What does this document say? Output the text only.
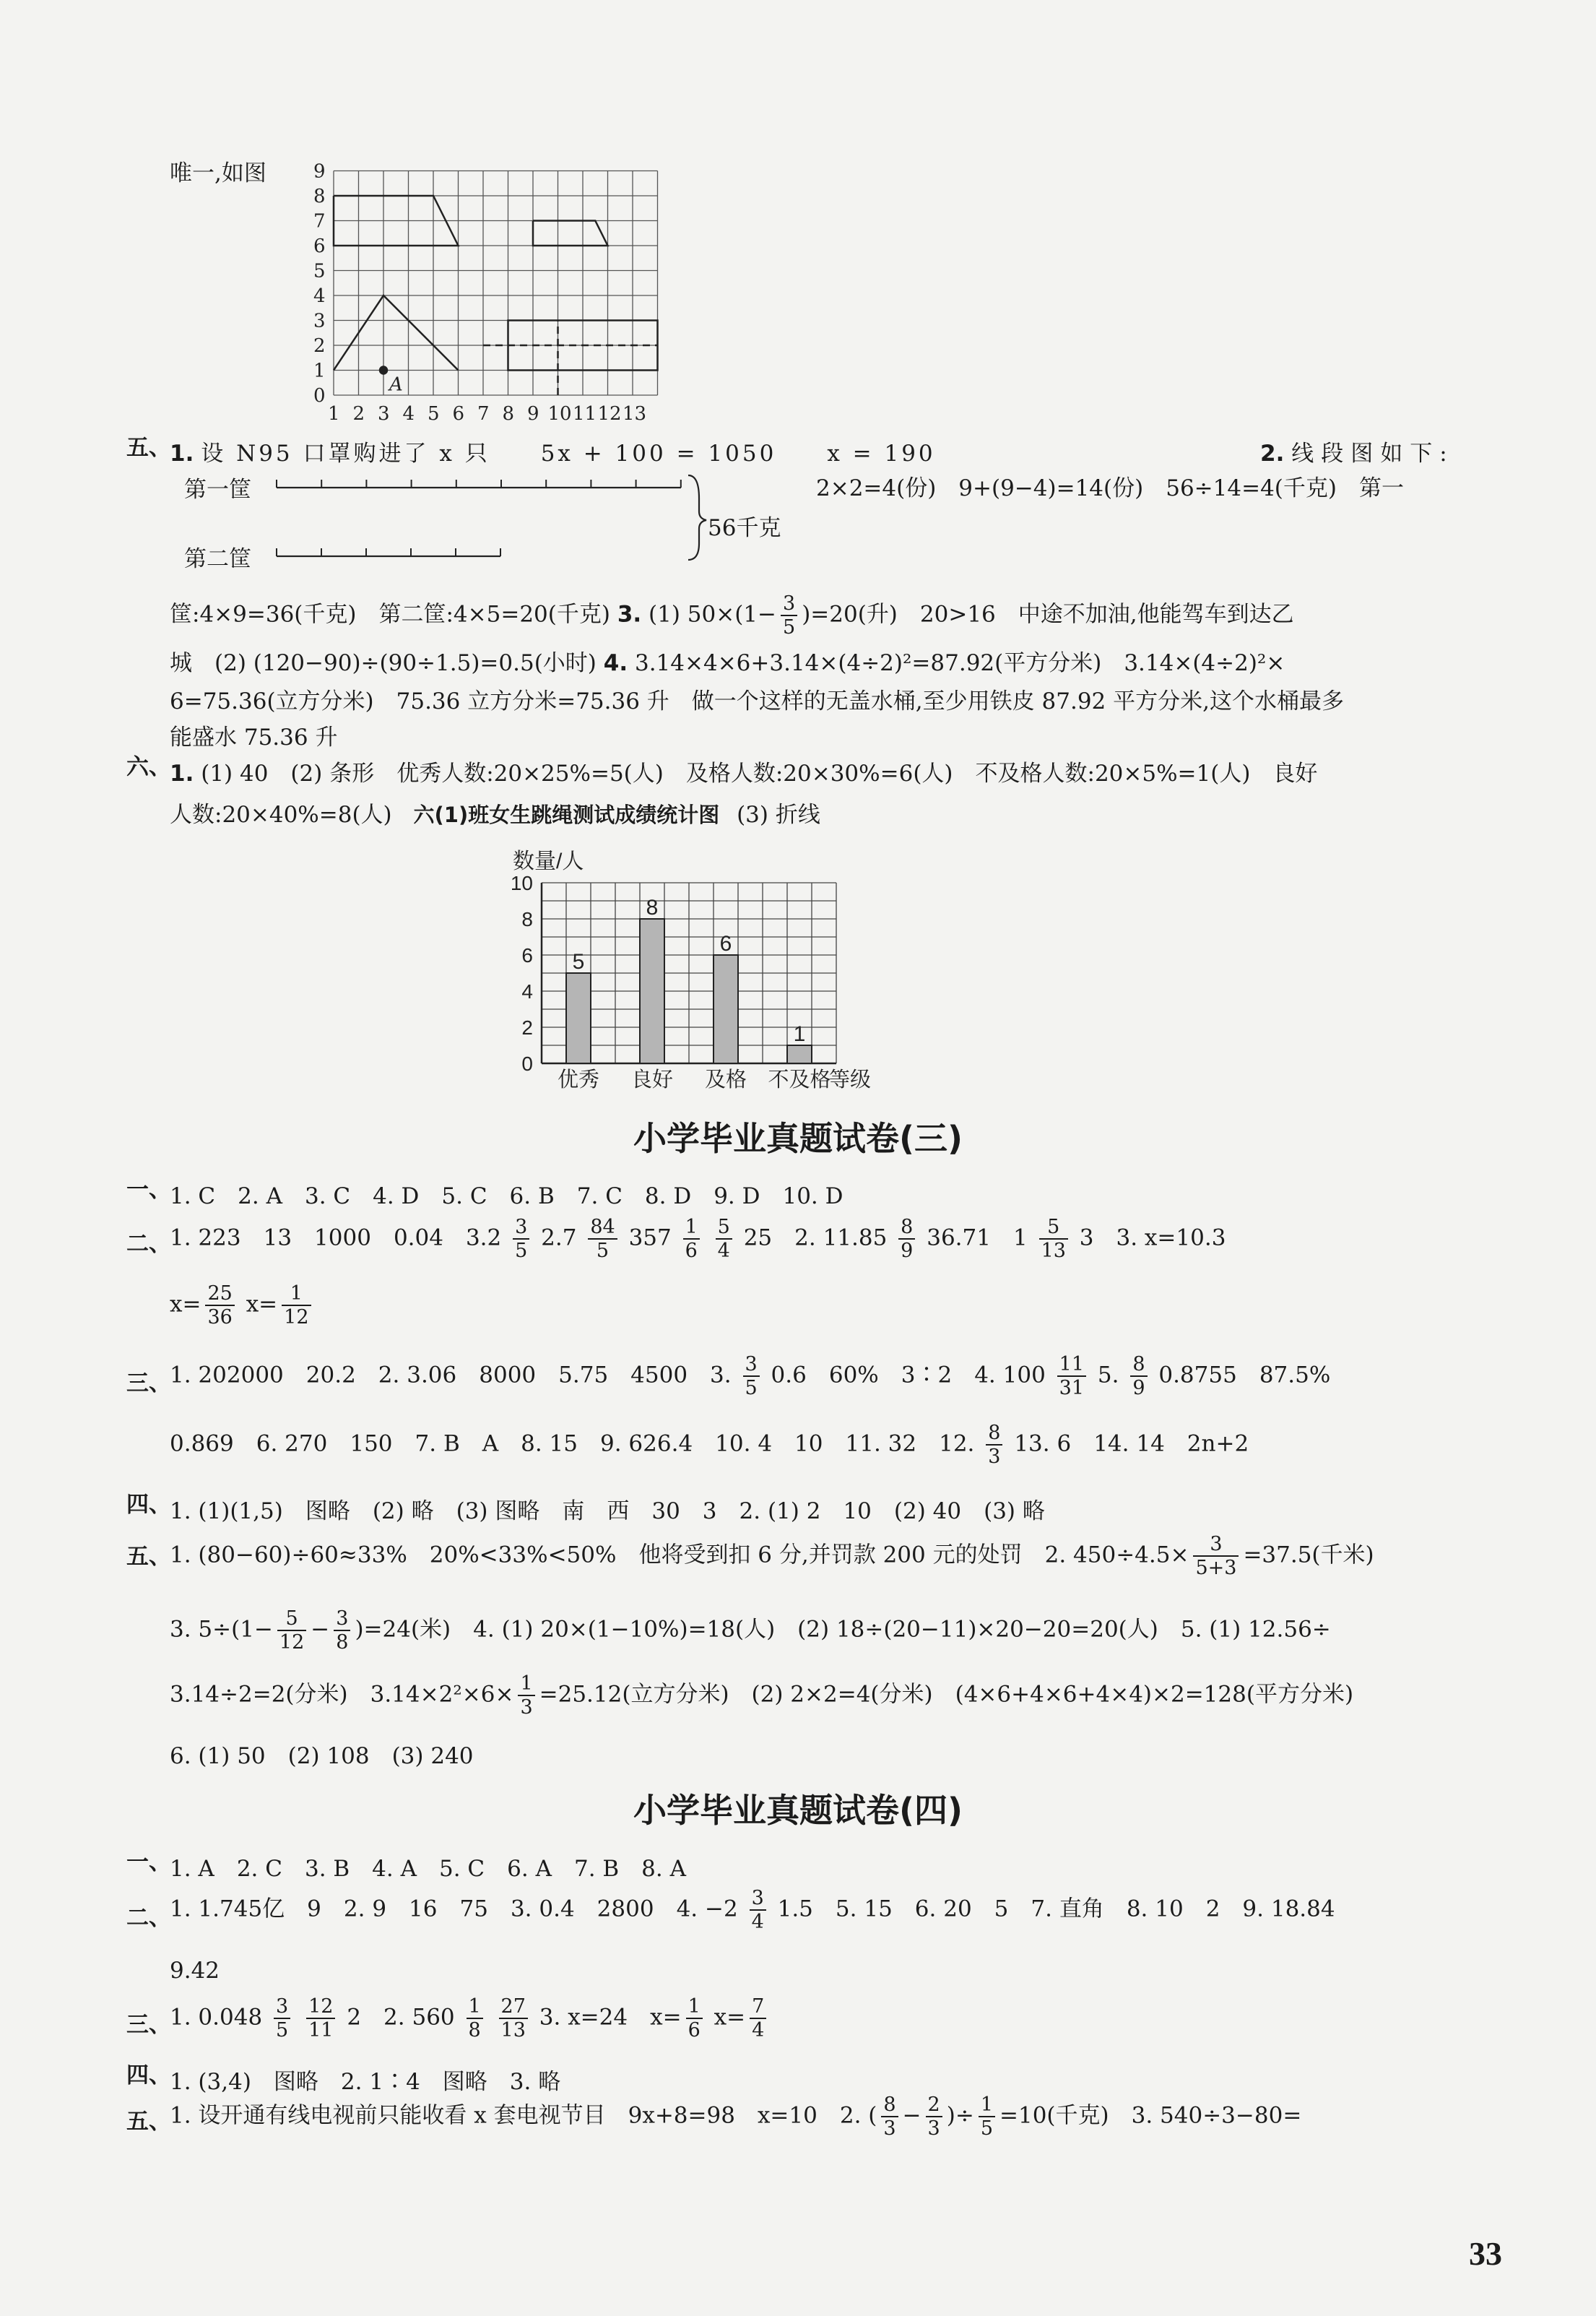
唯一,如图
A
0
1
2
3
4
5
6
7
8
9
1 2 3 4 5 6 7 8 9 10 11 12 13
五、
1. 设 N95 口罩购进了 x 只　　5x + 100 = 1050　　x = 190	2. 线段图如下:
第一筐
第二筐
56千克
2×2=4(份)　9+(9−4)=14(份)　56÷14=4(千克)　第一
筐:4×9=36(千克)　第二筐:4×5=20(千克) 3. (1) $50\times(1- \frac{3}{5} )=20$(升)　20>16　中途不加油,他能驾车到达乙
城　(2) (120−90)÷(90÷1.5)=0.5(小时) 4. 3.14×4×6+3.14×(4÷2)²=87.92(平方分米)　3.14×(4÷2)²×
6=75.36(立方分米)　75.36 立方分米=75.36 升　做一个这样的无盖水桶,至少用铁皮 87.92 平方分米,这个水桶最多
能盛水 75.36 升
六、
1. (1) 40　(2) 条形　优秀人数:20×25%=5(人)　及格人数:20×30%=6(人)　不及格人数:20×5%=1(人)　良好
人数:20×40%=8(人) 六(1)班女生跳绳测试成绩统计图 (3) 折线
数量/人
0
2
4
6
8
10
5
优秀
8
良好
6
及格
1
不及格
等级
小学毕业真题试卷(三)
一、
1. C　2. A　3. C　4. D　5. C　6. B　7. C　8. D　9. D　10. D
二、
1. 223　13　1000　0.04　$3.2 \frac{3}{5} 2.7 \frac{84}{5} 357 \frac{1}{6}$
$\frac{5}{4} 25$　2. $11.85 \frac{8}{9} 36.71$　$1 \frac{5}{13} 3$　3. x=10.3
$x= \frac{25}{36} x= \frac{1}{12}$
三、
1. 202000　20.2　2. 3.06　8000　5.75　4500　3. $\frac{3}{5} 0.6$　60%　3∶2　4. $100 \frac{11}{31} 5$. $\frac{8}{9} 0.8755$　87.5%
0.869　6. 270　150　7. B　A　8. 15　9. 626.4　10. 4　10　11. 32　12. $\frac{8}{3} 13$. 6　14. 14　2n+2
四、
1. (1)(1,5)　图略　(2) 略　(3) 图略　南　西　30　3　2. (1) 2　10　(2) 40　(3) 略
五、
1. (80−60)÷60≈33%　20%<33%<50%　他将受到扣 6 分,并罚款 200 元的处罚　2. $450\div 4.5\times \frac{3}{5+3} =37.5$(千米)
3. $5\div(1- \frac{5}{12} - \frac{3}{8} )=24$(米)　4. (1) 20×(1−10%)=18(人)　(2) 18÷(20−11)×20−20=20(人)　5. (1) 12.56÷
3.14÷2=2(分米)　$3.14\times 2^2\times 6\times \frac{1}{3} =25.12$(立方分米)　(2) 2×2=4(分米)　(4×6+4×6+4×4)×2=128(平方分米)
6. (1) 50　(2) 108　(3) 240
小学毕业真题试卷(四)
一、
1. A　2. C　3. B　4. A　5. C　6. A　7. B　8. A
二、
1. 1.745亿　9　2. 9　16　75　3. 0.4　2800　4. $-2 \frac{3}{4} 1.5$　5. 15　6. 20　5　7. 直角　8. 10　2　9. 18.84
9.42
三、
1. $0.048 \frac{3}{5}$
$\frac{12}{11} 2$　2. $560 \frac{1}{8}$
$\frac{27}{13} 3$. x=24　$x= \frac{1}{6} x= \frac{7}{4}$
四、
1. (3,4)　图略　2. 1∶4　图略　3. 略
五、
1. 设开通有线电视前只能收看 x 套电视节目　9x+8=98　x=10　2. ( $\frac{8}{3} - \frac{2}{3}$ )÷ $\frac{1}{5} =10$(千克)　3. 540÷3−80=
33
